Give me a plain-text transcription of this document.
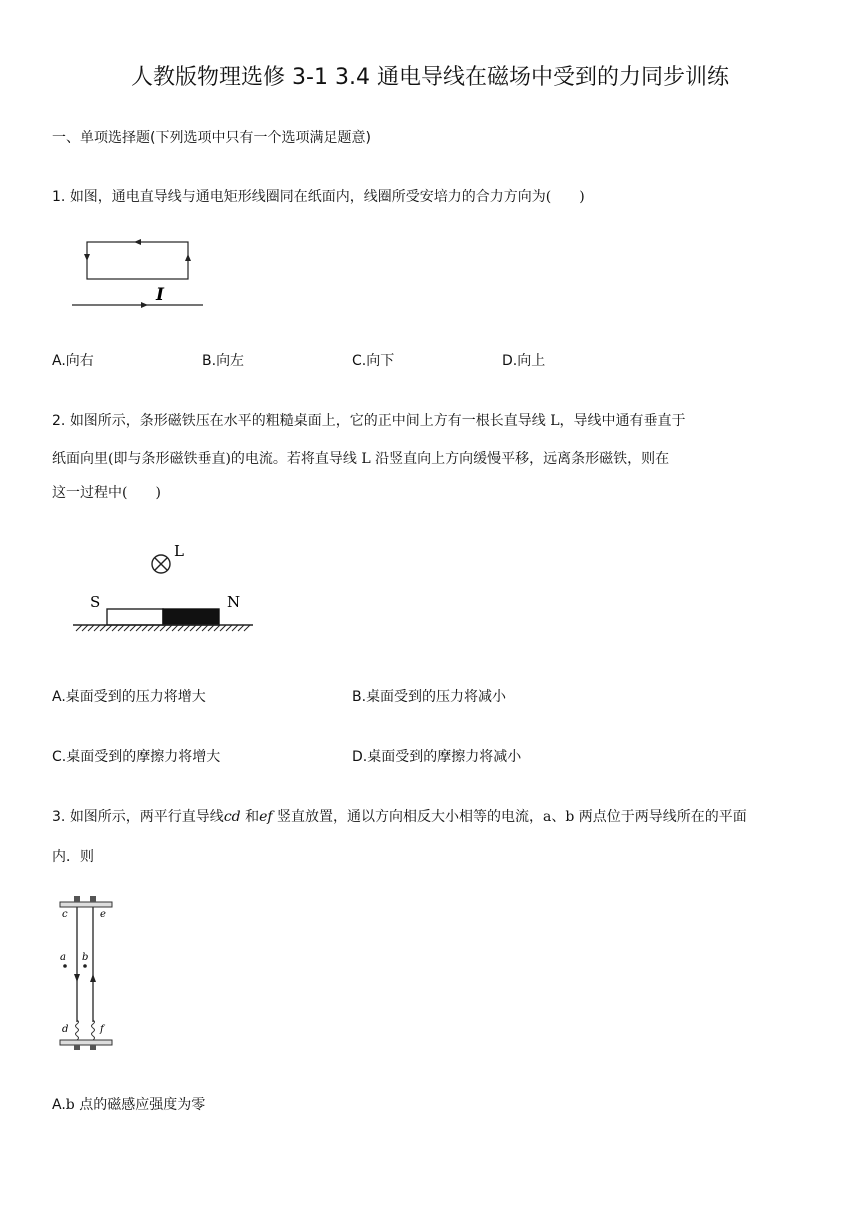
人教版物理选修 3-1 3.4 通电导线在磁场中受到的力同步训练
一、单项选择题(下列选项中只有一个选项满足题意)
1. 如图，通电直导线与通电矩形线圈同在纸面内，线圈所受安培力的合力方向为(　　)
I
A.向右	B.向左	C.向下	D.向上
2. 如图所示，条形磁铁压在水平的粗糙桌面上，它的正中间上方有一根长直导线 L，导线中通有垂直于
纸面向里(即与条形磁铁垂直)的电流。若将直导线 L 沿竖直向上方向缓慢平移，远离条形磁铁，则在
这一过程中(　　)
L
S	N
A.桌面受到的压力将增大	B.桌面受到的压力将减小
C.桌面受到的摩擦力将增大	D.桌面受到的摩擦力将减小
3. 如图所示，两平行直导线cd 和ef 竖直放置，通以方向相反大小相等的电流，a、b 两点位于两导线所在的平面
内．则
c	e
a b
d	f
A.b 点的磁感应强度为零
